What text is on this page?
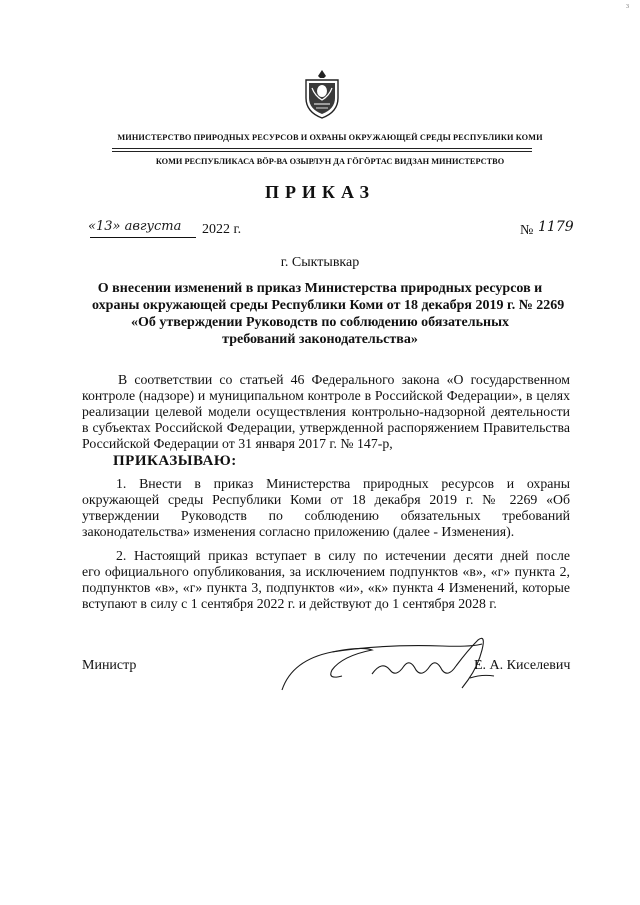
3
МИНИСТЕРСТВО ПРИРОДНЫХ РЕСУРСОВ И ОХРАНЫ ОКРУЖАЮЩЕЙ СРЕДЫ РЕСПУБЛИКИ КОМИ
КОМИ РЕСПУБЛИКАСА ВӦР-ВА ОЗЫРЛУН ДА ГӦГӦРТАС ВИДЗАН МИНИСТЕРСТВО
ПРИКАЗ
«13» августа 2022 г.	№ 1179
г. Сыктывкар
О внесении изменений в приказ Министерства природных ресурсов и
охраны окружающей среды Республики Коми от 18 декабря 2019 г. № 2269
«Об утверждении Руководств по соблюдению обязательных
требований законодательства»
В соответствии со статьей 46 Федерального закона «О государственном
контроле (надзоре) и муниципальном контроле в Российской Федерации», в целях
реализации целевой модели осуществления контрольно-надзорной деятельности
в субъектах Российской Федерации, утвержденной распоряжением Правительства
Российской Федерации от 31 января 2017 г. № 147-р,
ПРИКАЗЫВАЮ:
1. Внести в приказ Министерства природных ресурсов и охраны
окружающей среды Республики Коми от 18 декабря 2019 г. № 2269 «Об
утверждении Руководств по соблюдению обязательных требований
законодательства» изменения согласно приложению (далее - Изменения).
2. Настоящий приказ вступает в силу по истечении десяти дней после
его официального опубликования, за исключением подпунктов «в», «г» пункта 2,
подпунктов «в», «г» пункта 3, подпунктов «и», «к» пункта 4 Изменений, которые
вступают в силу с 1 сентября 2022 г. и действуют до 1 сентября 2028 г.
Министр	Е. А. Киселевич
